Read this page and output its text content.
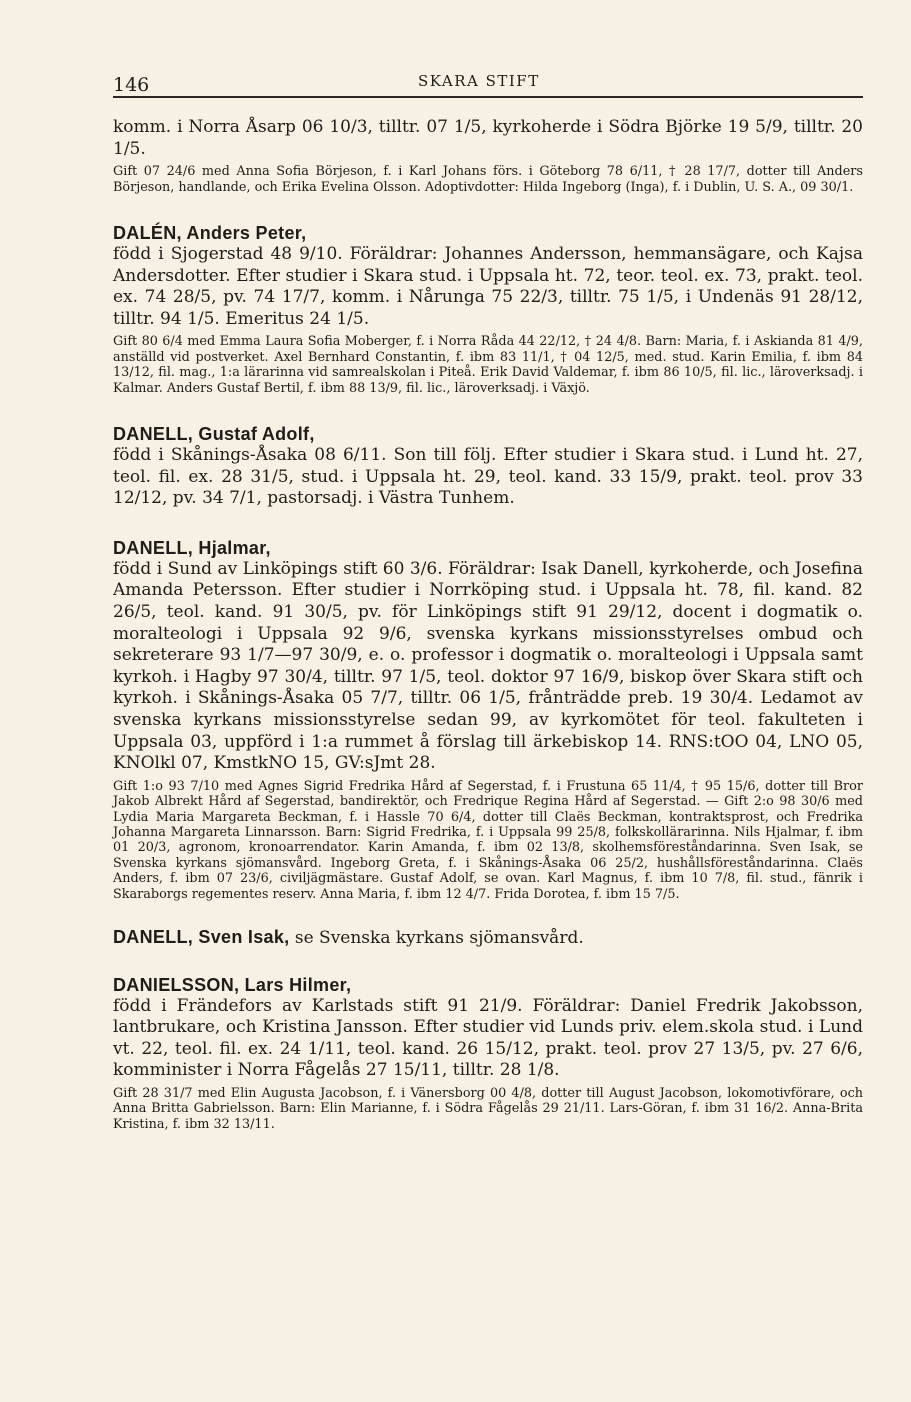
146	SKARA STIFT

komm. i Norra Åsarp 06 10/3, tilltr. 07 1/5, kyrkoherde i Södra Björke 19 5/9, tilltr. 20 1/5.

Gift 07 24/6 med Anna Sofia Börjeson, f. i Karl Johans förs. i Göteborg 78 6/11, † 28 17/7, dotter till Anders Börjeson, handlande, och Erika Evelina Olsson. Adoptivdotter: Hilda Ingeborg (Inga), f. i Dublin, U. S. A., 09 30/1.

DALÉN, Anders Peter,

född i Sjogerstad 48 9/10. Föräldrar: Johannes Andersson, hemmansägare, och Kajsa Andersdotter. Efter studier i Skara stud. i Uppsala ht. 72, teor. teol. ex. 73, prakt. teol. ex. 74 28/5, pv. 74 17/7, komm. i Nårunga 75 22/3, tilltr. 75 1/5, i Undenäs 91 28/12, tilltr. 94 1/5. Emeritus 24 1/5.

Gift 80 6/4 med Emma Laura Sofia Moberger, f. i Norra Råda 44 22/12, † 24 4/8. Barn: Maria, f. i Askianda 81 4/9, anställd vid postverket. Axel Bernhard Constantin, f. ibm 83 11/1, † 04 12/5, med. stud. Karin Emilia, f. ibm 84 13/12, fil. mag., 1:a lärarinna vid samrealskolan i Piteå. Erik David Valdemar, f. ibm 86 10/5, fil. lic., läroverksadj. i Kalmar. Anders Gustaf Bertil, f. ibm 88 13/9, fil. lic., läroverksadj. i Växjö.

DANELL, Gustaf Adolf,

född i Skånings-Åsaka 08 6/11. Son till följ. Efter studier i Skara stud. i Lund ht. 27, teol. fil. ex. 28 31/5, stud. i Uppsala ht. 29, teol. kand. 33 15/9, prakt. teol. prov 33 12/12, pv. 34 7/1, pastorsadj. i Västra Tunhem.

DANELL, Hjalmar,

född i Sund av Linköpings stift 60 3/6. Föräldrar: Isak Danell, kyrkoherde, och Josefina Amanda Petersson. Efter studier i Norrköping stud. i Uppsala ht. 78, fil. kand. 82 26/5, teol. kand. 91 30/5, pv. för Linköpings stift 91 29/12, docent i dogmatik o. moralteologi i Uppsala 92 9/6, svenska kyrkans missionsstyrelses ombud och sekreterare 93 1/7—97 30/9, e. o. professor i dogmatik o. moralteologi i Uppsala samt kyrkoh. i Hagby 97 30/4, tilltr. 97 1/5, teol. doktor 97 16/9, biskop över Skara stift och kyrkoh. i Skånings-Åsaka 05 7/7, tilltr. 06 1/5, frånträdde preb. 19 30/4. Ledamot av svenska kyrkans missionsstyrelse sedan 99, av kyrkomötet för teol. fakulteten i Uppsala 03, uppförd i 1:a rummet å förslag till ärkebiskop 14. RNS:tOO 04, LNO 05, KNOlkl 07, KmstkNO 15, GV:sJmt 28.

Gift 1:o 93 7/10 med Agnes Sigrid Fredrika Hård af Segerstad, f. i Frustuna 65 11/4, † 95 15/6, dotter till Bror Jakob Albrekt Hård af Segerstad, bandirektör, och Fredrique Regina Hård af Segerstad. — Gift 2:o 98 30/6 med Lydia Maria Margareta Beckman, f. i Hassle 70 6/4, dotter till Claës Beckman, kontraktsprost, och Fredrika Johanna Margareta Linnarsson. Barn: Sigrid Fredrika, f. i Uppsala 99 25/8, folkskollärarinna. Nils Hjalmar, f. ibm 01 20/3, agronom, kronoarrendator. Karin Amanda, f. ibm 02 13/8, skolhemsföreståndarinna. Sven Isak, se Svenska kyrkans sjömansvård. Ingeborg Greta, f. i Skånings-Åsaka 06 25/2, hushållsföreståndarinna. Claës Anders, f. ibm 07 23/6, civiljägmästare. Gustaf Adolf, se ovan. Karl Magnus, f. ibm 10 7/8, fil. stud., fänrik i Skaraborgs regementes reserv. Anna Maria, f. ibm 12 4/7. Frida Dorotea, f. ibm 15 7/5.

DANELL, Sven Isak, se Svenska kyrkans sjömansvård.

DANIELSSON, Lars Hilmer,

född i Frändefors av Karlstads stift 91 21/9. Föräldrar: Daniel Fredrik Jakobsson, lantbrukare, och Kristina Jansson. Efter studier vid Lunds priv. elem.skola stud. i Lund vt. 22, teol. fil. ex. 24 1/11, teol. kand. 26 15/12, prakt. teol. prov 27 13/5, pv. 27 6/6, komminister i Norra Fågelås 27 15/11, tilltr. 28 1/8.

Gift 28 31/7 med Elin Augusta Jacobson, f. i Vänersborg 00 4/8, dotter till August Jacobson, lokomotivförare, och Anna Britta Gabrielsson. Barn: Elin Marianne, f. i Södra Fågelås 29 21/11. Lars-Göran, f. ibm 31 16/2. Anna-Brita Kristina, f. ibm 32 13/11.
